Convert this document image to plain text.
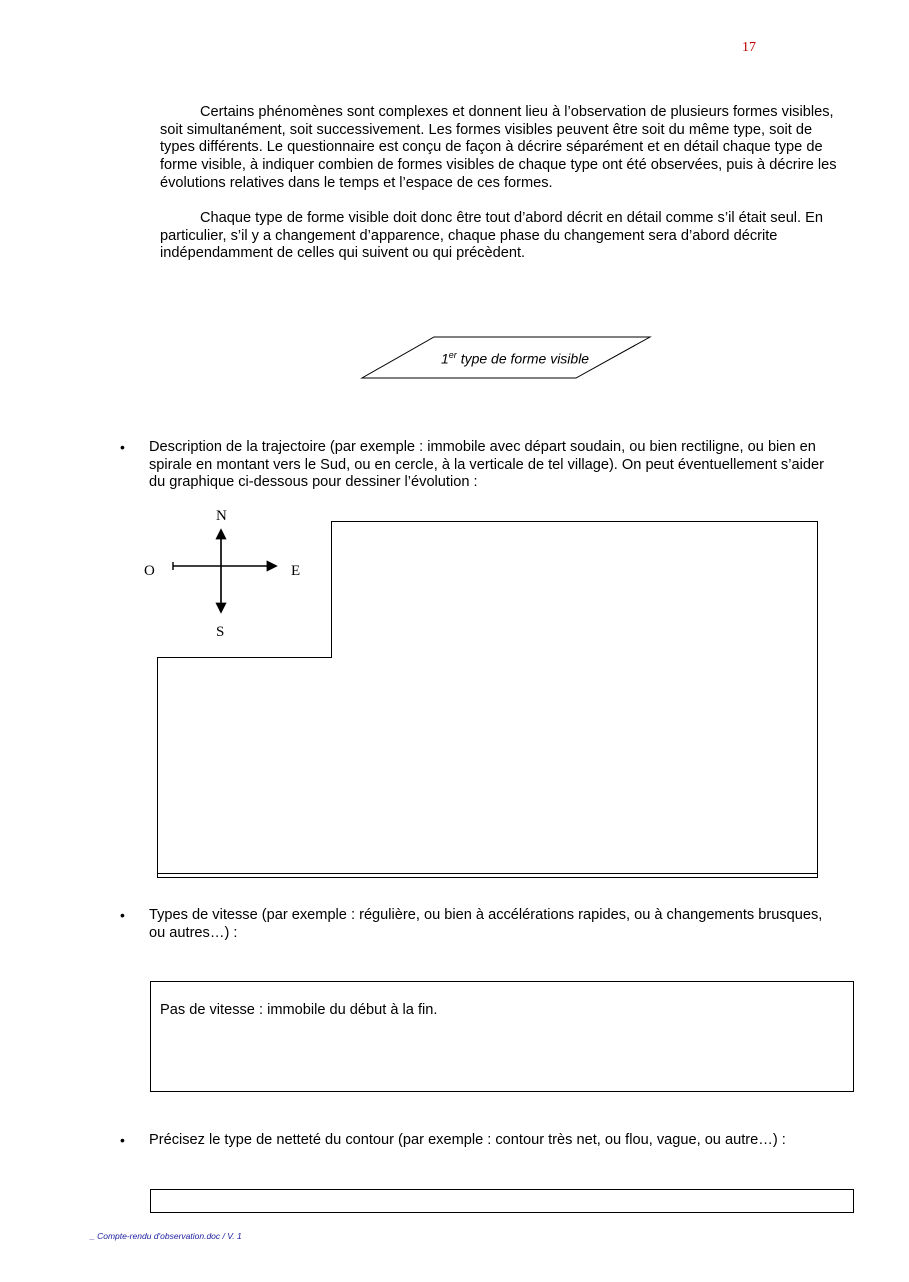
17

Certains phénomènes sont complexes et donnent lieu à l’observation de plusieurs formes visibles, soit simultanément, soit successivement. Les formes visibles peuvent être soit du même type, soit de types différents. Le questionnaire est conçu de façon à décrire séparément et en détail chaque type de forme visible, à indiquer combien de formes visibles de chaque type ont été observées, puis à décrire les évolutions relatives dans le temps et l’espace de ces formes.

Chaque type de forme visible doit donc être tout d’abord décrit en détail comme s’il était seul. En particulier, s’il y a changement d’apparence, chaque phase du changement sera d’abord décrite indépendamment de celles qui suivent ou qui précèdent.

1er type de forme visible
• Description de la trajectoire (par exemple : immobile avec départ soudain, ou bien rectiligne, ou bien en spirale en montant vers le Sud, ou en cercle, à la verticale de tel village). On peut éventuellement s’aider du graphique ci-dessous pour dessiner l’évolution :

N
S
E
O
• Types de vitesse (par exemple : régulière, ou bien à accélérations rapides, ou à changements brusques, ou autres…) :

Pas de vitesse : immobile du début à la fin.
• Précisez le type de netteté du contour (par exemple : contour très net, ou flou, vague, ou autre…) :

_ Compte-rendu d'observation.doc / V. 1
